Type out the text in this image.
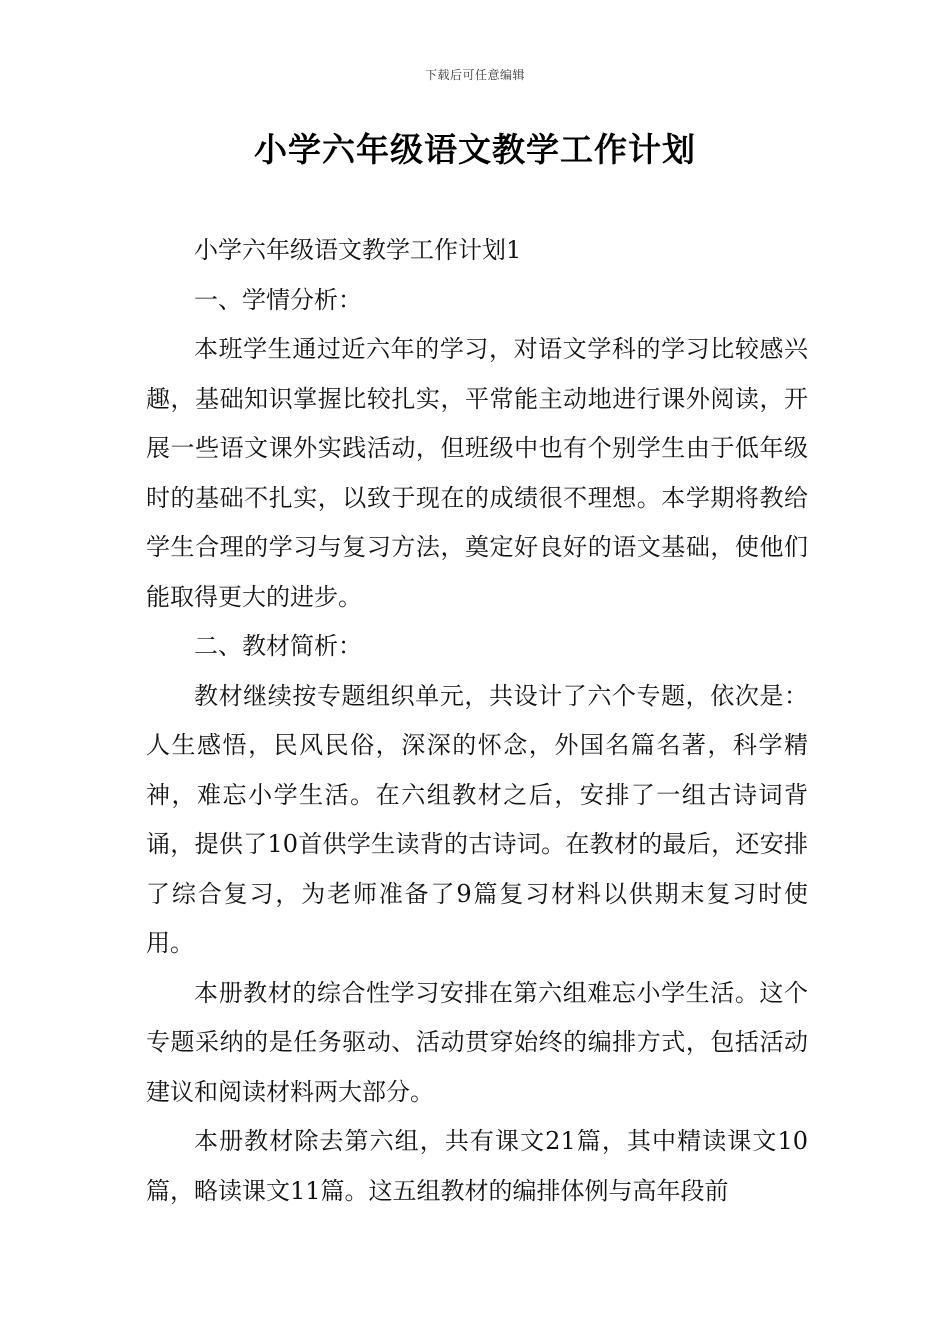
下载后可任意编辑
小学六年级语文教学工作计划

小学六年级语文教学工作计划1

一、学情分析：

本班学生通过近六年的学习，对语文学科的学习比较感兴趣，基础知识掌握比较扎实，平常能主动地进行课外阅读，开展一些语文课外实践活动，但班级中也有个别学生由于低年级时的基础不扎实，以致于现在的成绩很不理想。本学期将教给学生合理的学习与复习方法，奠定好良好的语文基础，使他们能取得更大的进步。

二、教材简析：

教材继续按专题组织单元，共设计了六个专题，依次是：人生感悟，民风民俗，深深的怀念，外国名篇名著，科学精神，难忘小学生活。在六组教材之后，安排了一组古诗词背诵，提供了10首供学生读背的古诗词。在教材的最后，还安排了综合复习，为老师准备了9篇复习材料以供期末复习时使用。

本册教材的综合性学习安排在第六组难忘小学生活。这个专题采纳的是任务驱动、活动贯穿始终的编排方式，包括活动建议和阅读材料两大部分。

本册教材除去第六组，共有课文21篇，其中精读课文10篇，略读课文11篇。这五组教材的编排体例与高年段前
